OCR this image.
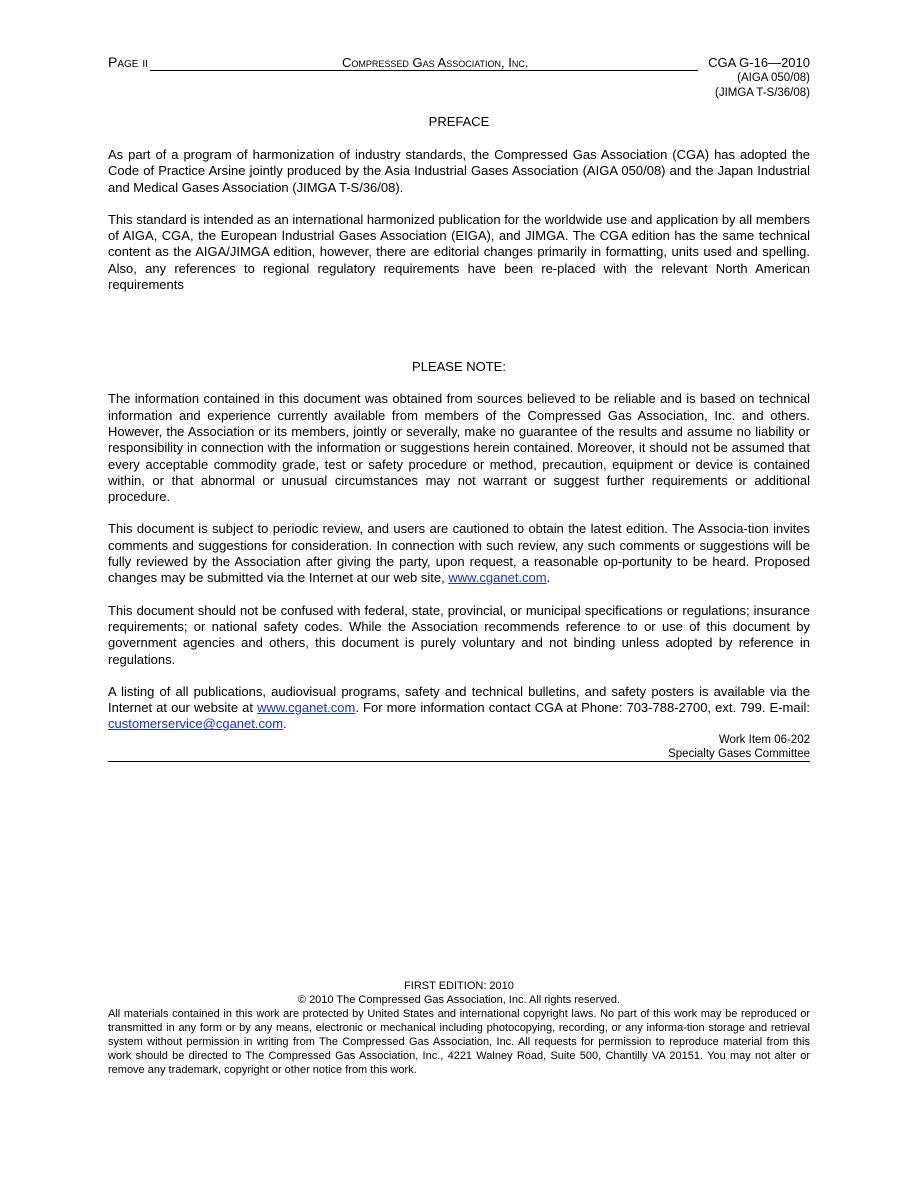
Page ii	Compressed Gas Association, Inc.	CGA G-16—2010
(AIGA 050/08)
(JIMGA T-S/36/08)
PREFACE

As part of a program of harmonization of industry standards, the Compressed Gas Association (CGA) has adopted the Code of Practice Arsine jointly produced by the Asia Industrial Gases Association (AIGA 050/08) and the Japan Industrial and Medical Gases Association (JIMGA T-S/36/08).

This standard is intended as an international harmonized publication for the worldwide use and application by all members of AIGA, CGA, the European Industrial Gases Association (EIGA), and JIMGA. The CGA edition has the same technical content as the AIGA/JIMGA edition, however, there are editorial changes primarily in formatting, units used and spelling. Also, any references to regional regulatory requirements have been re-placed with the relevant North American requirements

PLEASE NOTE:

The information contained in this document was obtained from sources believed to be reliable and is based on technical information and experience currently available from members of the Compressed Gas Association, Inc. and others. However, the Association or its members, jointly or severally, make no guarantee of the results and assume no liability or responsibility in connection with the information or suggestions herein contained. Moreover, it should not be assumed that every acceptable commodity grade, test or safety procedure or method, precaution, equipment or device is contained within, or that abnormal or unusual circumstances may not warrant or suggest further requirements or additional procedure.

This document is subject to periodic review, and users are cautioned to obtain the latest edition. The Associa-tion invites comments and suggestions for consideration. In connection with such review, any such comments or suggestions will be fully reviewed by the Association after giving the party, upon request, a reasonable op-portunity to be heard. Proposed changes may be submitted via the Internet at our web site, www.cganet.com.

This document should not be confused with federal, state, provincial, or municipal specifications or regulations; insurance requirements; or national safety codes. While the Association recommends reference to or use of this document by government agencies and others, this document is purely voluntary and not binding unless adopted by reference in regulations.

A listing of all publications, audiovisual programs, safety and technical bulletins, and safety posters is available via the Internet at our website at www.cganet.com. For more information contact CGA at Phone: 703-788-2700, ext. 799. E-mail: customerservice@cganet.com.

Work Item 06-202
Specialty Gases Committee
FIRST EDITION: 2010
© 2010 The Compressed Gas Association, Inc. All rights reserved.
All materials contained in this work are protected by United States and international copyright laws. No part of this work may be reproduced or transmitted in any form or by any means, electronic or mechanical including photocopying, recording, or any informa-tion storage and retrieval system without permission in writing from The Compressed Gas Association, Inc. All requests for permission to reproduce material from this work should be directed to The Compressed Gas Association, Inc., 4221 Walney Road, Suite 500, Chantilly VA 20151. You may not alter or remove any trademark, copyright or other notice from this work.
